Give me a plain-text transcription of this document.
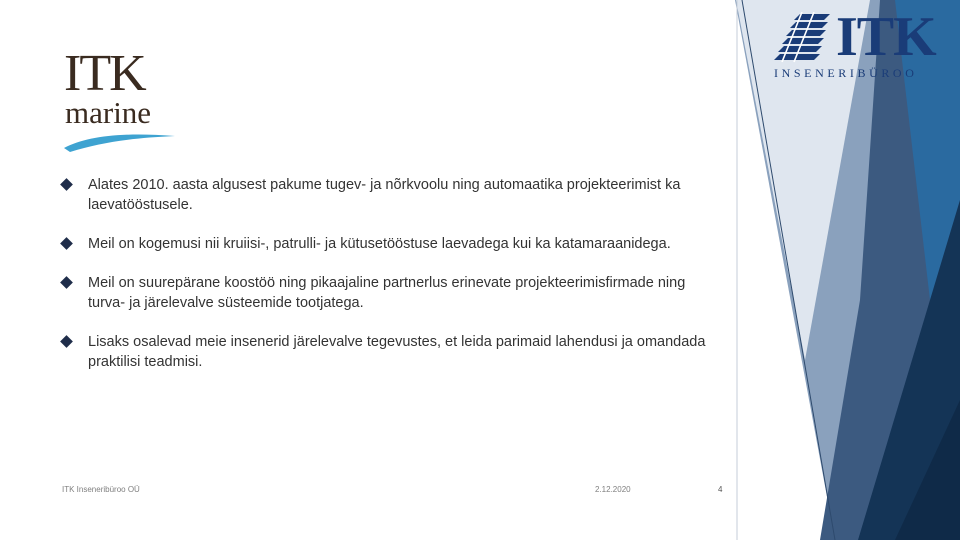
ITK
marine
ITK
INSENERIBÜROO
Alates 2010. aasta algusest pakume tugev- ja nõrkvoolu ning automaatika projekteerimist ka laevatööstusele.
Meil on kogemusi nii kruiisi-, patrulli- ja kütusetööstuse laevadega kui ka katamaraanidega.
Meil on suurepärane koostöö ning pikaajaline partnerlus erinevate projekteerimisfirmade ning turva- ja järelevalve süsteemide tootjatega.
Lisaks osalevad meie insenerid järelevalve tegevustes, et leida parimaid lahendusi ja omandada praktilisi teadmisi.
ITK Inseneribüroo OÜ	2.12.2020	4
